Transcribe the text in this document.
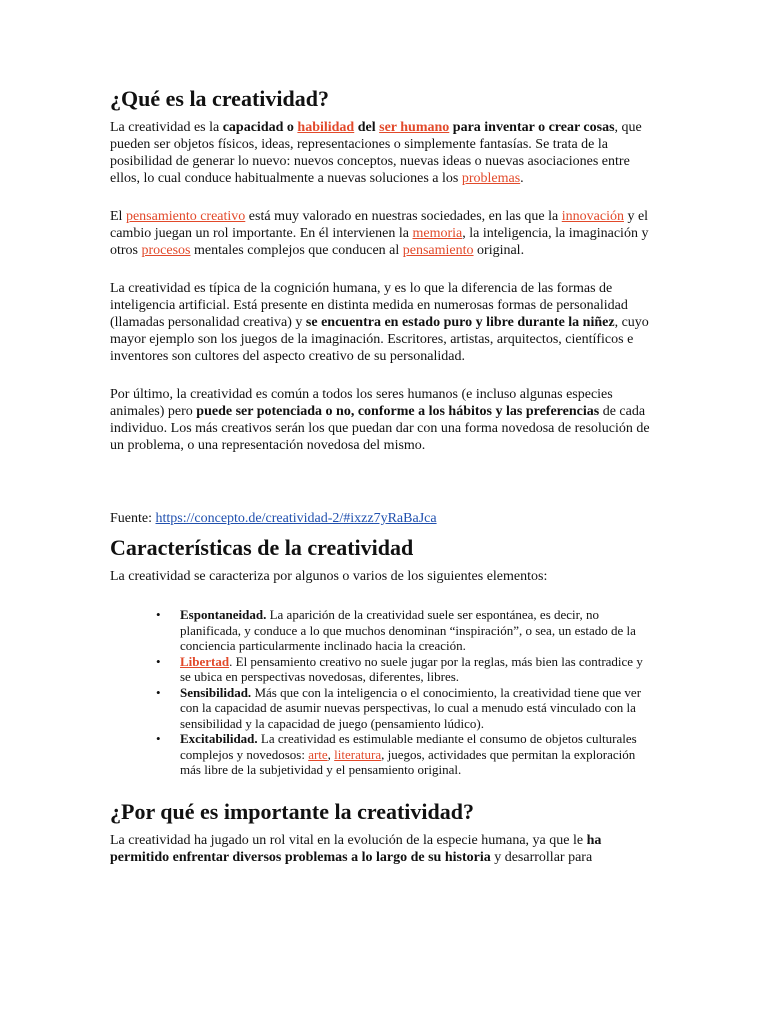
¿Qué es la creatividad?

La creatividad es la capacidad o habilidad del ser humano para inventar o crear cosas, que pueden ser objetos físicos, ideas, representaciones o simplemente fantasías. Se trata de la posibilidad de generar lo nuevo: nuevos conceptos, nuevas ideas o nuevas asociaciones entre ellos, lo cual conduce habitualmente a nuevas soluciones a los problemas.

El pensamiento creativo está muy valorado en nuestras sociedades, en las que la innovación y el cambio juegan un rol importante. En él intervienen la memoria, la inteligencia, la imaginación y otros procesos mentales complejos que conducen al pensamiento original.

La creatividad es típica de la cognición humana, y es lo que la diferencia de las formas de inteligencia artificial. Está presente en distinta medida en numerosas formas de personalidad (llamadas personalidad creativa) y se encuentra en estado puro y libre durante la niñez, cuyo mayor ejemplo son los juegos de la imaginación. Escritores, artistas, arquitectos, científicos e inventores son cultores del aspecto creativo de su personalidad.

Por último, la creatividad es común a todos los seres humanos (e incluso algunas especies animales) pero puede ser potenciada o no, conforme a los hábitos y las preferencias de cada individuo. Los más creativos serán los que puedan dar con una forma novedosa de resolución de un problema, o una representación novedosa del mismo.

Fuente: https://concepto.de/creatividad-2/#ixzz7yRaBaJca

Características de la creatividad

La creatividad se caracteriza por algunos o varios de los siguientes elementos:

• Espontaneidad. La aparición de la creatividad suele ser espontánea, es decir, no planificada, y conduce a lo que muchos denominan “inspiración”, o sea, un estado de la conciencia particularmente inclinado hacia la creación.
• Libertad. El pensamiento creativo no suele jugar por la reglas, más bien las contradice y se ubica en perspectivas novedosas, diferentes, libres.
• Sensibilidad. Más que con la inteligencia o el conocimiento, la creatividad tiene que ver con la capacidad de asumir nuevas perspectivas, lo cual a menudo está vinculado con la sensibilidad y la capacidad de juego (pensamiento lúdico).
• Excitabilidad. La creatividad es estimulable mediante el consumo de objetos culturales complejos y novedosos: arte, literatura, juegos, actividades que permitan la exploración más libre de la subjetividad y el pensamiento original.
¿Por qué es importante la creatividad?

La creatividad ha jugado un rol vital en la evolución de la especie humana, ya que le ha permitido enfrentar diversos problemas a lo largo de su historia y desarrollar para
